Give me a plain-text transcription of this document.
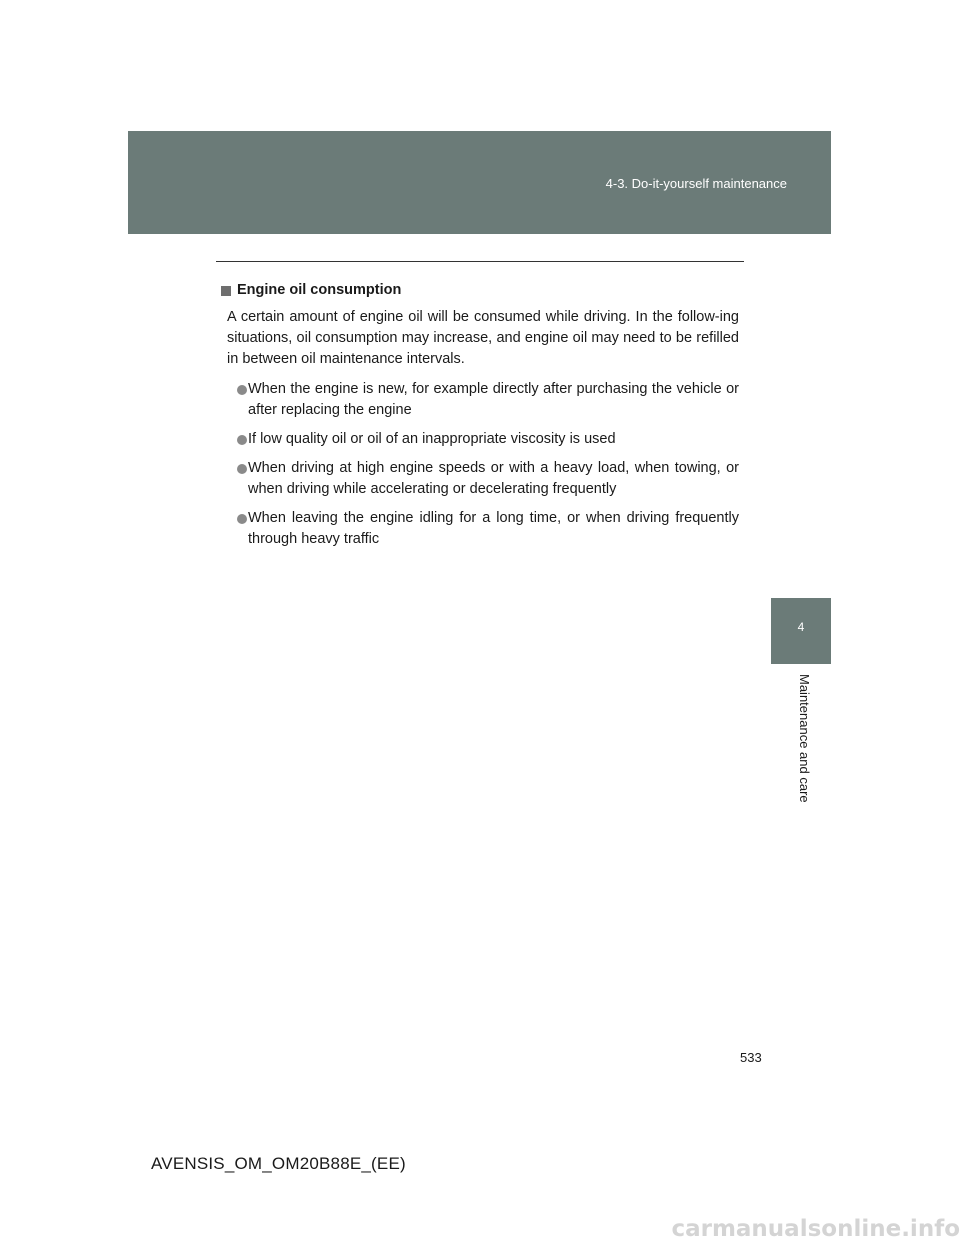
4-3. Do-it-yourself maintenance

Engine oil consumption

A certain amount of engine oil will be consumed while driving. In the follow-ing situations, oil consumption may increase, and engine oil may need to be refilled in between oil maintenance intervals.

When the engine is new, for example directly after purchasing the vehicle or after replacing the engine
If low quality oil or oil of an inappropriate viscosity is used
When driving at high engine speeds or with a heavy load, when towing, or when driving while accelerating or decelerating frequently
When leaving the engine idling for a long time, or when driving frequently through heavy traffic
4
Maintenance and care
533
AVENSIS_OM_OM20B88E_(EE)
carmanualsonline.info
